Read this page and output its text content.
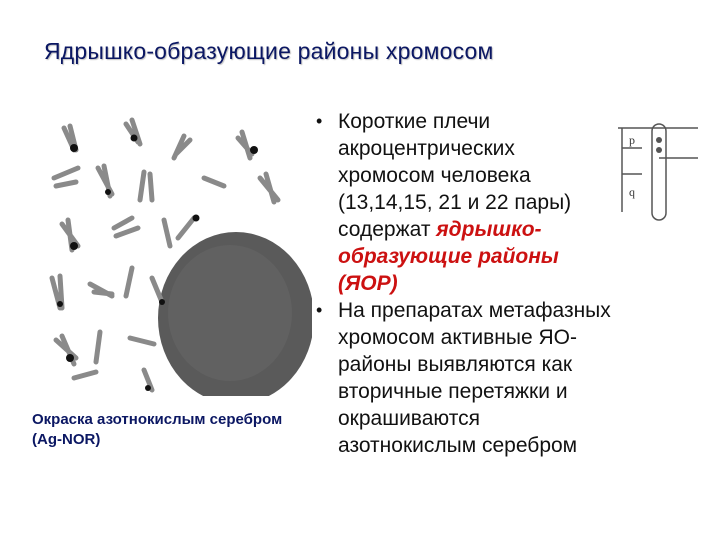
Ядрышко-образующие районы хромосом
Окраска азотнокислым серебром (Ag-NOR)
• Короткие плечи акроцентрических хромосом человека (13,14,15, 21 и 22 пары) содержат ядрышко-образующие районы (ЯОР)
• На препаратах метафазных хромосом активные ЯО-районы выявляются как вторичные перетяжки и окрашиваются азотнокислым серебром
p
q
